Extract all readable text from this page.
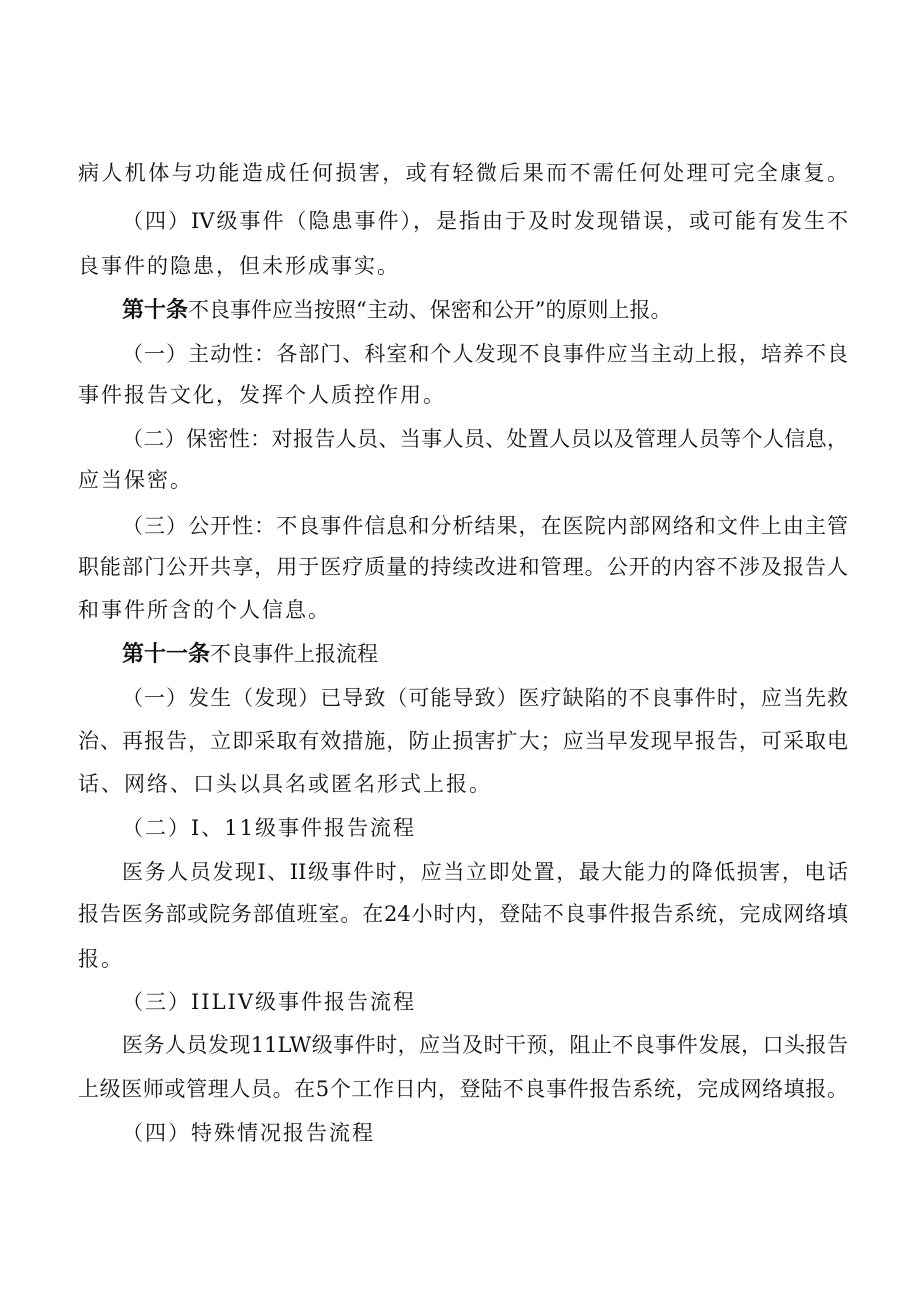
病人机体与功能造成任何损害，或有轻微后果而不需任何处理可完全康复。
（四）IV级事件（隐患事件），是指由于及时发现错误，或可能有发生不
良事件的隐患，但未形成事实。
第十条不良事件应当按照“主动、保密和公开”的原则上报。
（一）主动性：各部门、科室和个人发现不良事件应当主动上报，培养不良
事件报告文化，发挥个人质控作用。
（二）保密性：对报告人员、当事人员、处置人员以及管理人员等个人信息，
应当保密。
（三）公开性：不良事件信息和分析结果，在医院内部网络和文件上由主管
职能部门公开共享，用于医疗质量的持续改进和管理。公开的内容不涉及报告人
和事件所含的个人信息。
第十一条不良事件上报流程
（一）发生（发现）已导致（可能导致）医疗缺陷的不良事件时，应当先救
治、再报告，立即采取有效措施，防止损害扩大；应当早发现早报告，可采取电
话、网络、口头以具名或匿名形式上报。
（二）I、11级事件报告流程
医务人员发现I、II级事件时，应当立即处置，最大能力的降低损害，电话
报告医务部或院务部值班室。在24小时内，登陆不良事件报告系统，完成网络填
报。
（三）IILIV级事件报告流程
医务人员发现11LW级事件时，应当及时干预，阻止不良事件发展，口头报告
上级医师或管理人员。在5个工作日内，登陆不良事件报告系统，完成网络填报。
（四）特殊情况报告流程
